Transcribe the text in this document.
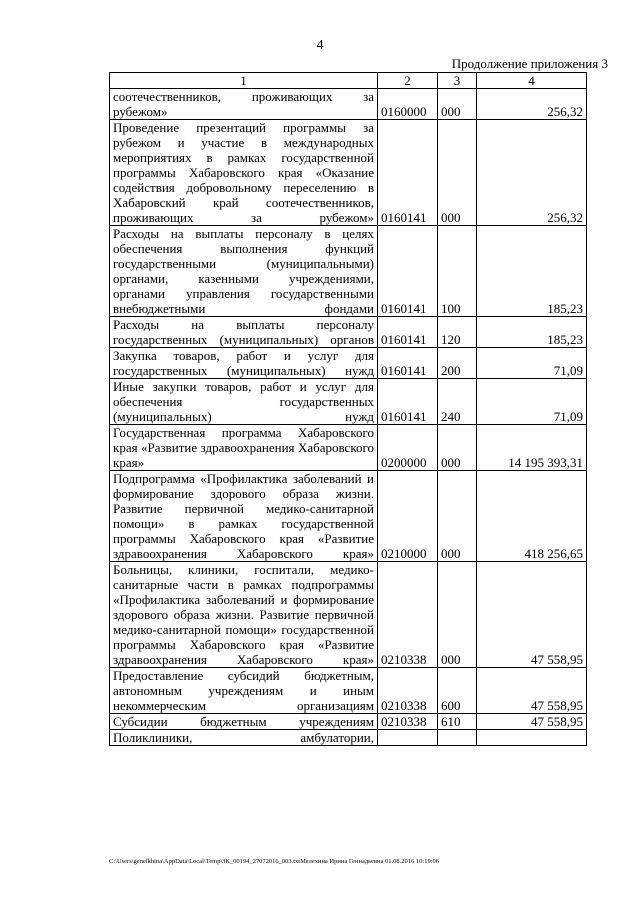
4
Продолжение приложения 3
1	2	3	4
соотечественников, проживающих за рубежом»	0160000	000	256,32
Проведение презентаций программы за рубежом и участие в международных мероприятиях в рамках государственной программы Хабаровского края «Оказание содействия добровольному переселению в Хабаровский край соотечественников, проживающих за рубежом»	0160141	000	256,32
Расходы на выплаты персоналу в целях обеспечения выполнения функций государственными (муниципальными) органами, казенными учреждениями, органами управления государственными внебюджетными фондами	0160141	100	185,23
Расходы на выплаты персоналу государственных (муниципальных) органов	0160141	120	185,23
Закупка товаров, работ и услуг для государственных (муниципальных) нужд	0160141	200	71,09
Иные закупки товаров, работ и услуг для обеспечения государственных (муниципальных) нужд	0160141	240	71,09
Государственная программа Хабаровского края «Развитие здравоохранения Хабаровского края»	0200000	000	14 195 393,31
Подпрограмма «Профилактика заболеваний и формирование здорового образа жизни. Развитие первичной медико-санитарной помощи» в рамках государственной программы Хабаровского края «Развитие здравоохранения Хабаровского края»	0210000	000	418 256,65
Больницы, клиники, госпитали, медико-санитарные части в рамках подпрограммы «Профилактика заболеваний и формирование здорового образа жизни. Развитие первичной медико-санитарной помощи» государственной программы Хабаровского края «Развитие здравоохранения Хабаровского края»	0210338	000	47 558,95
Предоставление субсидий бюджетным, автономным учреждениям и иным некоммерческим организациям	0210338	600	47 558,95
Субсидии бюджетным учреждениям	0210338	610	47 558,95
Поликлиники, амбулатории,			
C:\Users\genelkhina\AppData\Local\Temp\ЗК_00194_27072016_003.txtМелехина Ирина Геннадьевна 01.08.2016 10:19:06
